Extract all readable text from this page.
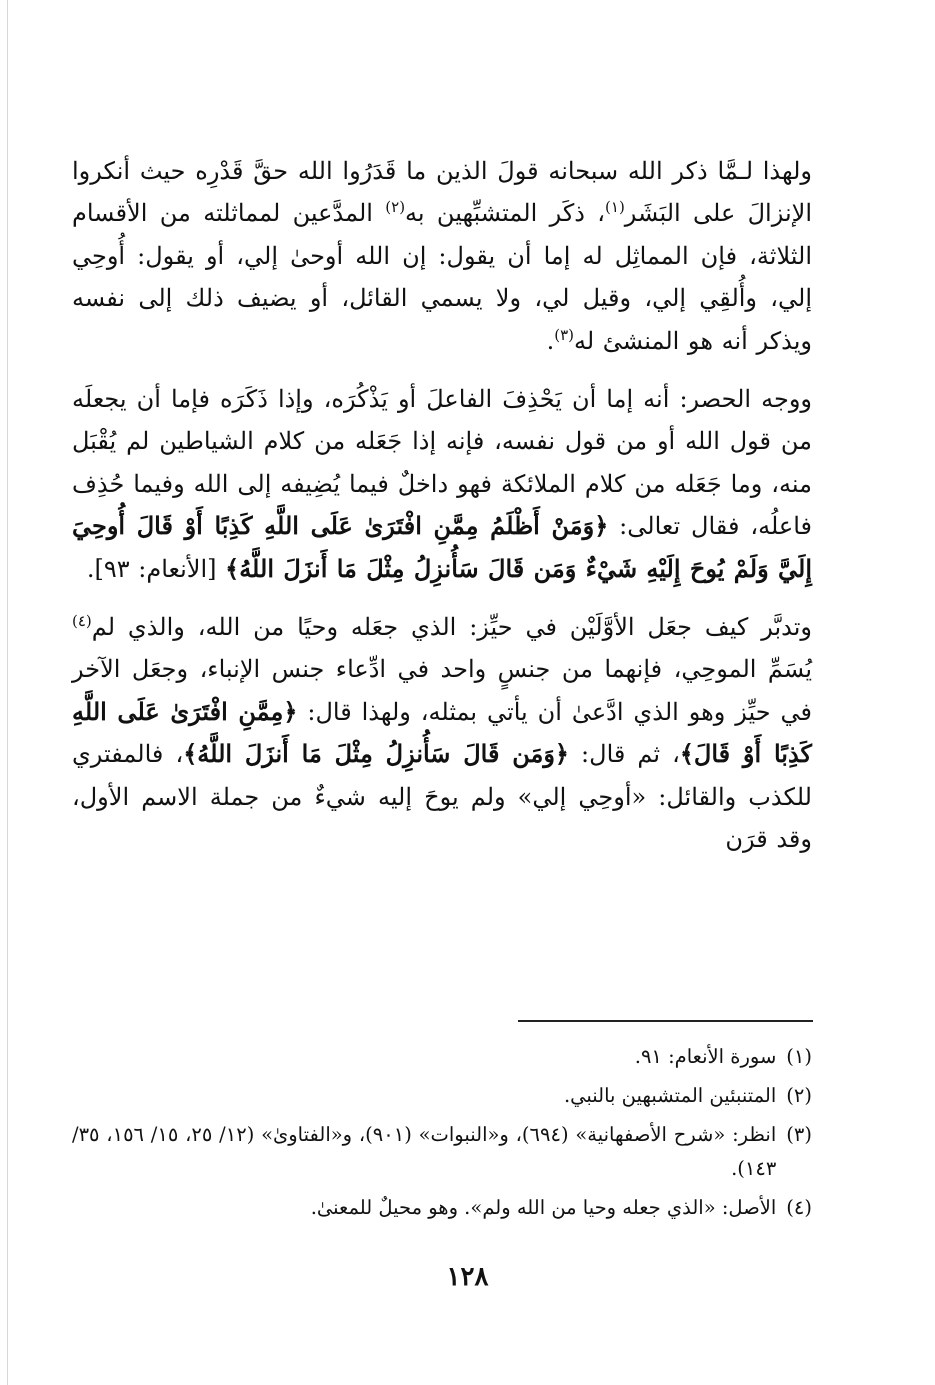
ولهذا لـمَّا ذكر الله سبحانه قولَ الذين ما قَدَرُوا الله حقَّ قَدْرِه حيث أنكروا الإنزالَ على البَشَر$^{(١)}$، ذكَر المتشبِّهين به$^{(٢)}$ المدَّعين لمماثلته من الأقسام الثلاثة، فإن المماثِل له إما أن يقول: إن الله أوحىٰ إلي، أو يقول: أُوحِي إلي، وأُلقِي إلي، وقيل لي، ولا يسمي القائل، أو يضيف ذلك إلى نفسه ويذكر أنه هو المنشئ له$^{(٣)}$.

ووجه الحصر: أنه إما أن يَحْذِفَ الفاعلَ أو يَذْكُرَه، وإذا ذَكَرَه فإما أن يجعلَه من قول الله أو من قول نفسه، فإنه إذا جَعَله من كلام الشياطين لم يُقْبَل منه، وما جَعَله من كلام الملائكة فهو داخلٌ فيما يُضِيفه إلى الله وفيما حُذِف فاعلُه، فقال تعالى: ﴿وَمَنْ أَظْلَمُ مِمَّنِ افْتَرَىٰ عَلَى اللَّهِ كَذِبًا أَوْ قَالَ أُوحِيَ إِلَيَّ وَلَمْ يُوحَ إِلَيْهِ شَيْءٌ وَمَن قَالَ سَأُنزِلُ مِثْلَ مَا أَنزَلَ اللَّهُ﴾ [الأنعام: ٩٣].

وتدبَّر كيف جعَل الأوَّلَيْن في حيِّز: الذي جعَله وحيًا من الله، والذي لم$^{(٤)}$ يُسَمِّ الموحِي، فإنهما من جنسٍ واحد في ادِّعاء جنس الإنباء، وجعَل الآخر في حيِّز وهو الذي ادَّعىٰ أن يأتي بمثله، ولهذا قال: ﴿مِمَّنِ افْتَرَىٰ عَلَى اللَّهِ كَذِبًا أَوْ قَالَ﴾، ثم قال: ﴿وَمَن قَالَ سَأُنزِلُ مِثْلَ مَا أَنزَلَ اللَّهُ﴾، فالمفتري للكذب والقائل: «أوحِي إلي» ولم يوحَ إليه شيءٌ من جملة الاسم الأول، وقد قرَن

(١)
سورة الأنعام: ٩١.
(٢)
المتنبئين المتشبهين بالنبي.
(٣)
انظر: «شرح الأصفهانية» (٦٩٤)، و«النبوات» (٩٠١)، و«الفتاوىٰ» (١٢/ ٢٥، ١٥/ ١٥٦، ٣٥/ ١٤٣).
(٤)
الأصل: «الذي جعله وحيا من الله ولم». وهو محيلٌ للمعنىٰ.
١٢٨
